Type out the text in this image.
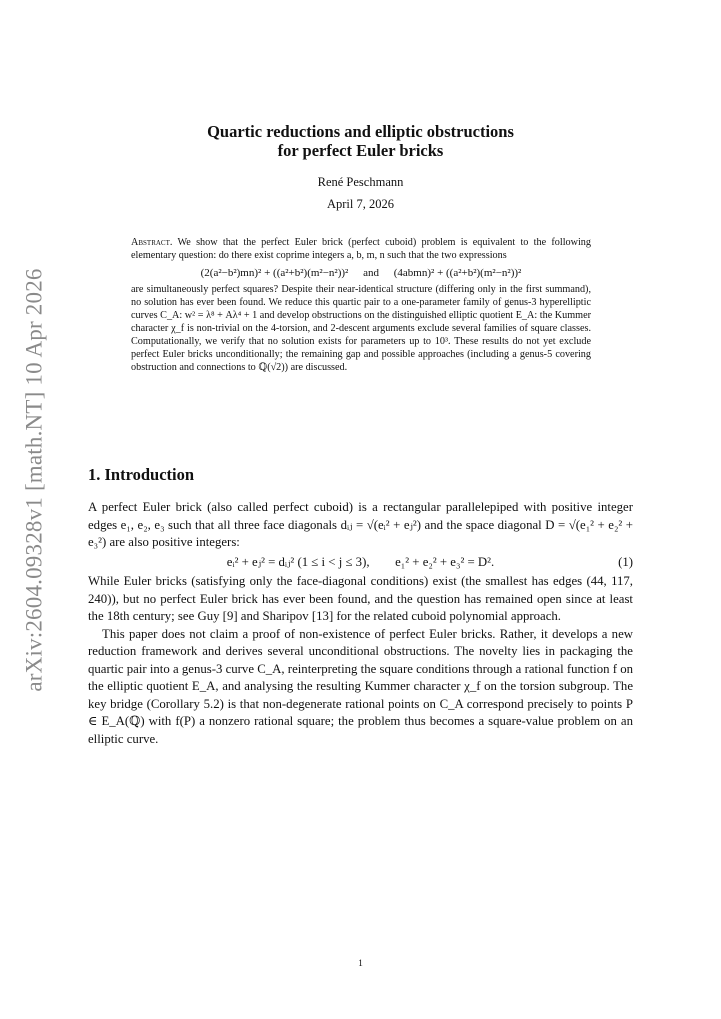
arXiv:2604.09328v1 [math.NT] 10 Apr 2026
Quartic reductions and elliptic obstructions
for perfect Euler bricks
René Peschmann
April 7, 2026

Abstract. We show that the perfect Euler brick (perfect cuboid) problem is equivalent to the following elementary question: do there exist coprime integers a, b, m, n such that the two expressions

(2(a²−b²)mn)² + ((a²+b²)(m²−n²))² and (4abmn)² + ((a²+b²)(m²−n²))²

are simultaneously perfect squares? Despite their near-identical structure (differing only in the first summand), no solution has ever been found. We reduce this quartic pair to a one-parameter family of genus-3 hyperelliptic curves C_A: w² = λ⁸ + Aλ⁴ + 1 and develop obstructions on the distinguished elliptic quotient E_A: the Kummer character χ_f is non-trivial on the 4-torsion, and 2-descent arguments exclude several families of square classes. Computationally, we verify that no solution exists for parameters up to 10³. These results do not yet exclude perfect Euler bricks unconditionally; the remaining gap and possible approaches (including a genus-5 covering obstruction and connections to ℚ(√2)) are discussed.

1. Introduction

A perfect Euler brick (also called perfect cuboid) is a rectangular parallelepiped with positive integer edges e₁, e₂, e₃ such that all three face diagonals dᵢⱼ = √(eᵢ² + eⱼ²) and the space diagonal D = √(e₁² + e₂² + e₃²) are also positive integers:

eᵢ² + eⱼ² = dᵢⱼ² (1 ≤ i < j ≤ 3), e₁² + e₂² + e₃² = D².	(1)

While Euler bricks (satisfying only the face-diagonal conditions) exist (the smallest has edges (44, 117, 240)), but no perfect Euler brick has ever been found, and the question has remained open since at least the 18th century; see Guy [9] and Sharipov [13] for the related cuboid polynomial approach.

This paper does not claim a proof of non-existence of perfect Euler bricks. Rather, it develops a new reduction framework and derives several unconditional obstructions. The novelty lies in packaging the quartic pair into a genus-3 curve C_A, reinterpreting the square conditions through a rational function f on the elliptic quotient E_A, and analysing the resulting Kummer character χ_f on the torsion subgroup. The key bridge (Corollary 5.2) is that non-degenerate rational points on C_A correspond precisely to points P ∈ E_A(ℚ) with f(P) a nonzero rational square; the problem thus becomes a square-value problem on an elliptic curve.

1
